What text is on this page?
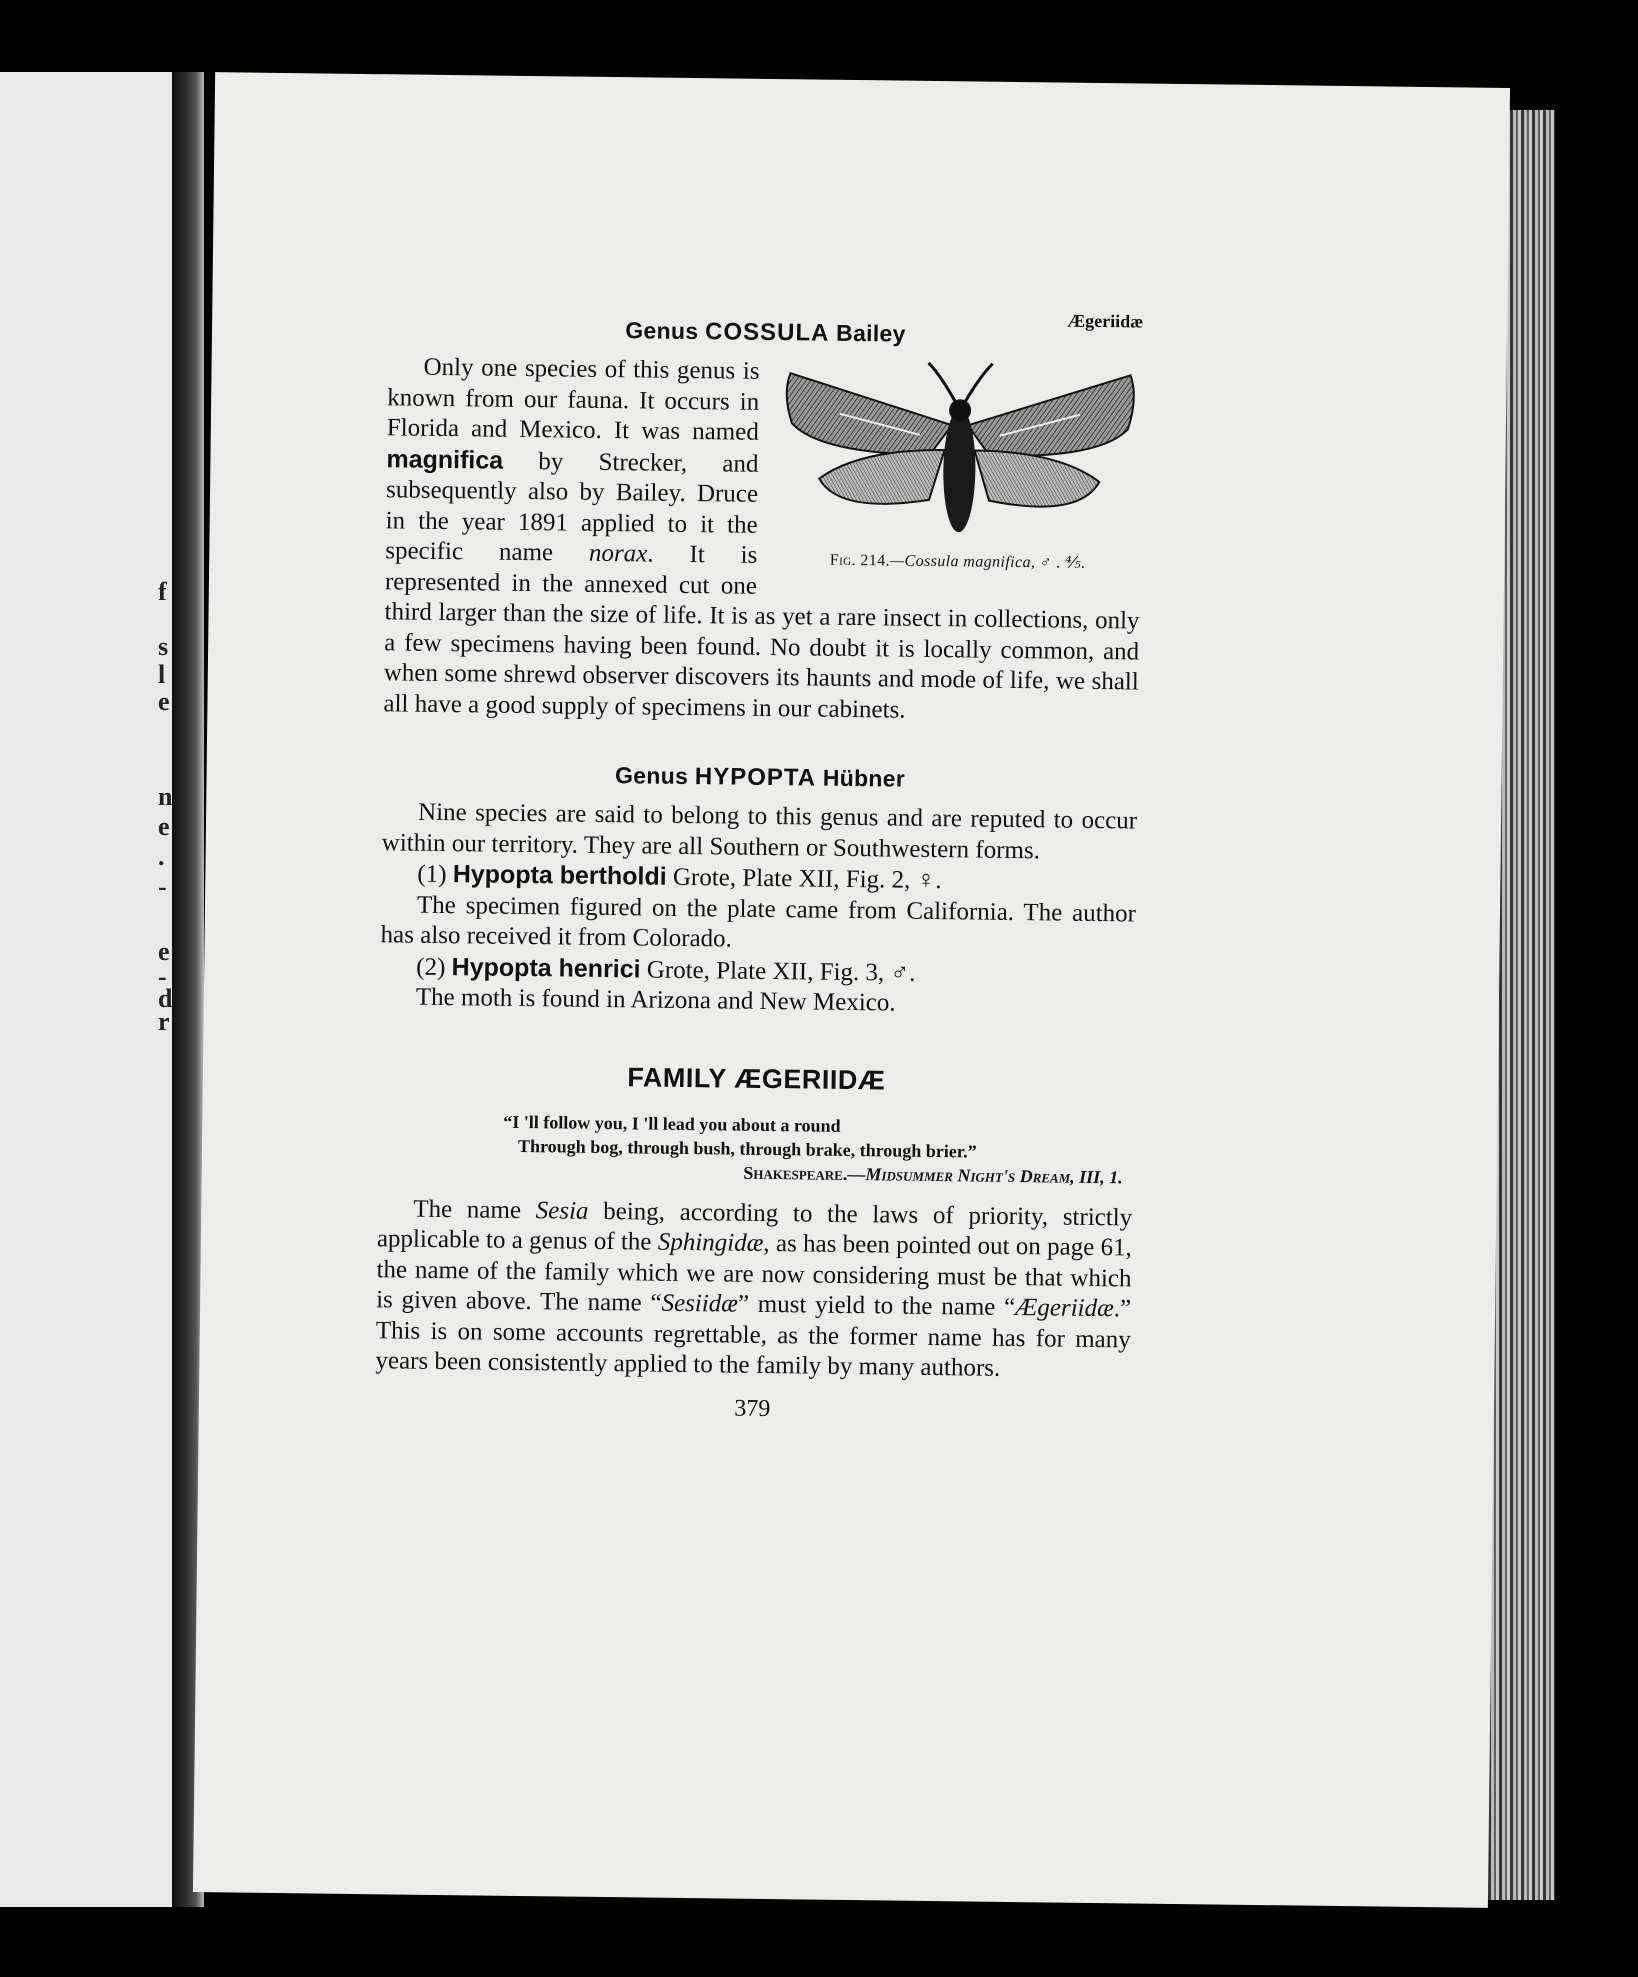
f
s
l
e
n
e
.
-
e
-
d
r
Ægeriidæ
Genus COSSULA Bailey
Fig. 214.—Cossula magnifica, ♂ . ⅘.

Only one species of this genus is known from our fauna. It occurs in Florida and Mexico. It was named magnifica by Strecker, and subsequently also by Bailey. Druce in the year 1891 applied to it the specific name norax. It is represented in the annexed cut one third larger than the size of life. It is as yet a rare insect in collections, only a few specimens having been found. No doubt it is locally common, and when some shrewd observer discovers its haunts and mode of life, we shall all have a good supply of specimens in our cabinets.

Genus HYPOPTA Hübner

Nine species are said to belong to this genus and are reputed to occur within our territory. They are all Southern or Southwestern forms.

(1) Hypopta bertholdi Grote, Plate XII, Fig. 2, ♀.

The specimen figured on the plate came from California. The author has also received it from Colorado.

(2) Hypopta henrici Grote, Plate XII, Fig. 3, ♂.

The moth is found in Arizona and New Mexico.

FAMILY ÆGERIIDÆ
“I 'll follow you, I 'll lead you about a round
Through bog, through bush, through brake, through brier.”
Shakespeare.—Midsummer Night's Dream, III, 1.

The name Sesia being, according to the laws of priority, strictly applicable to a genus of the Sphingidæ, as has been pointed out on page 61, the name of the family which we are now considering must be that which is given above. The name “Sesiidæ” must yield to the name “Ægeriidæ.” This is on some accounts regrettable, as the former name has for many years been consistently applied to the family by many authors.

379
